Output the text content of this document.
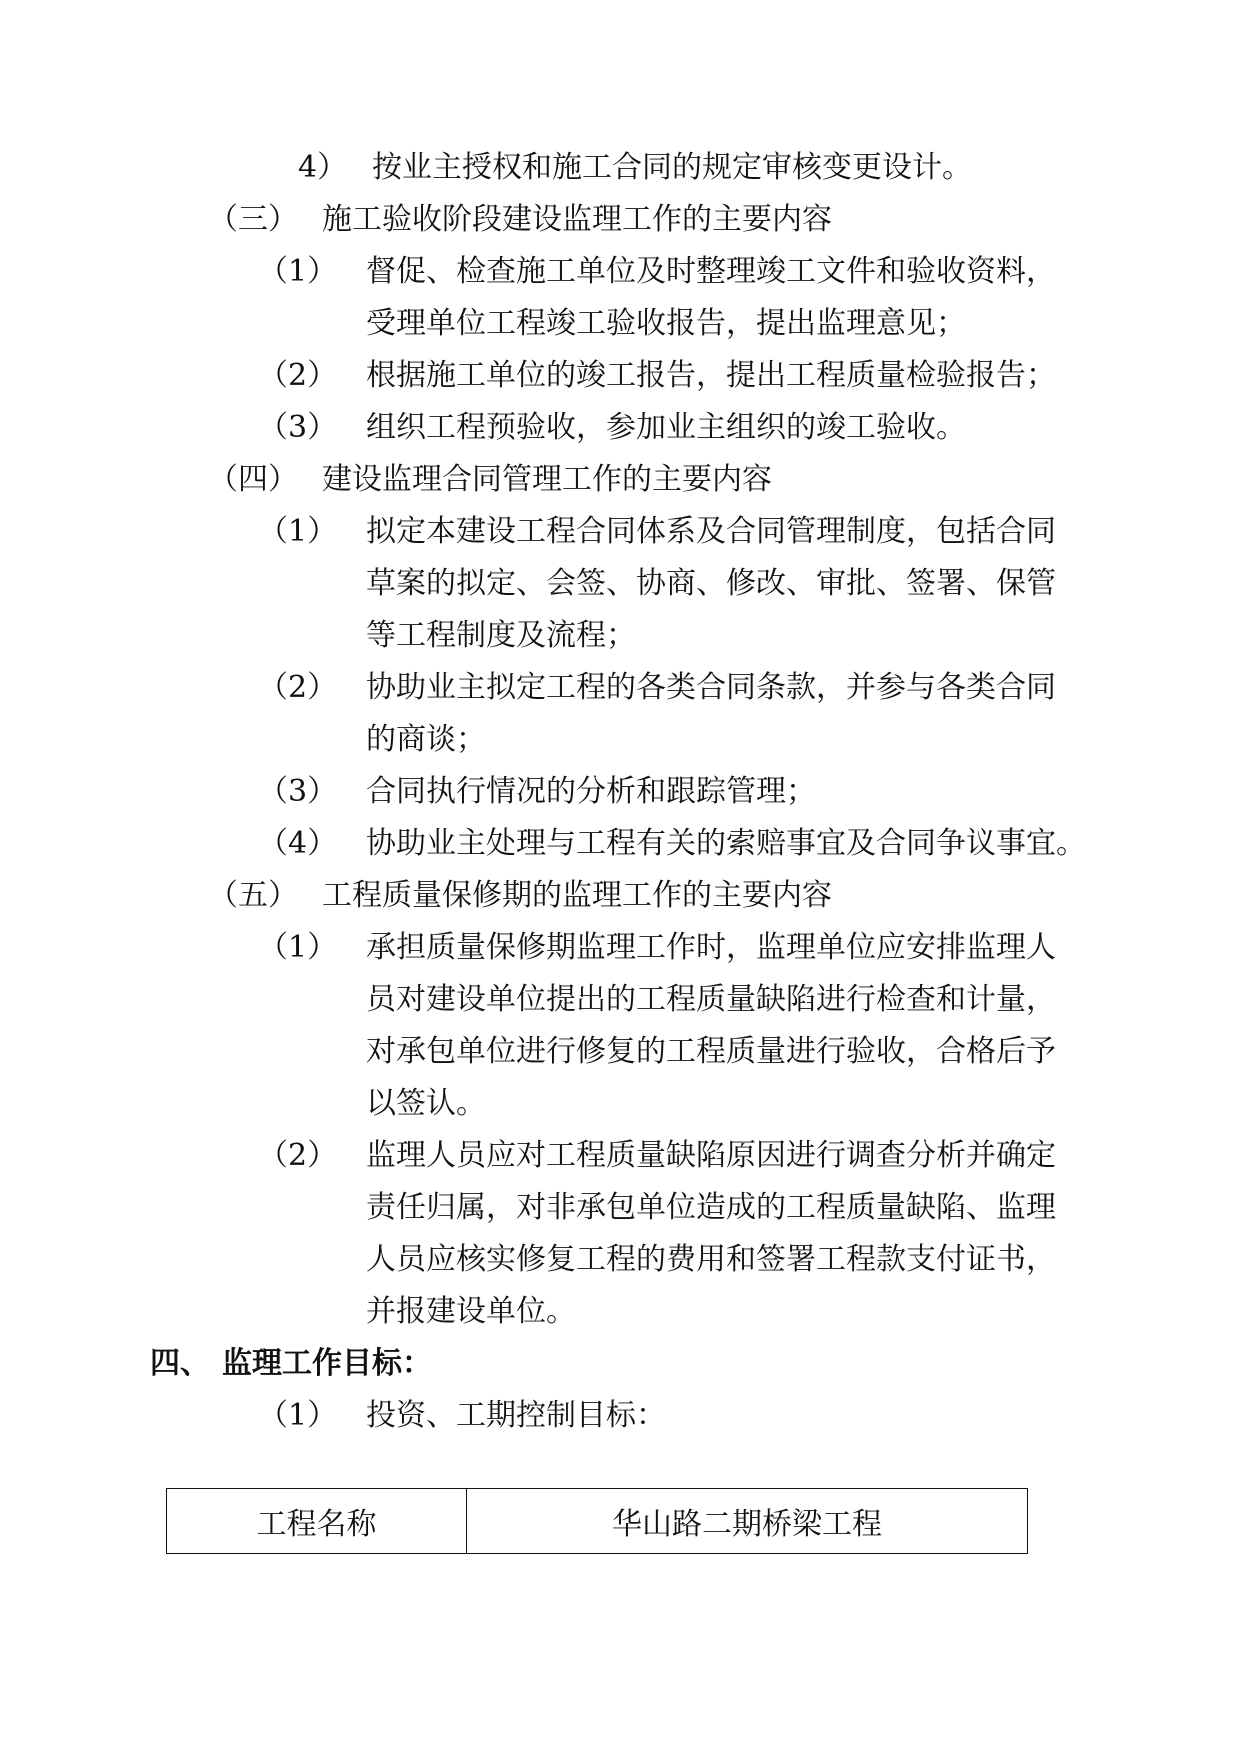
4） 按业主授权和施工合同的规定审核变更设计。
（三） 施工验收阶段建设监理工作的主要内容
（1） 督促、检查施工单位及时整理竣工文件和验收资料，
受理单位工程竣工验收报告，提出监理意见；
（2） 根据施工单位的竣工报告，提出工程质量检验报告；
（3） 组织工程预验收，参加业主组织的竣工验收。
（四） 建设监理合同管理工作的主要内容
（1） 拟定本建设工程合同体系及合同管理制度，包括合同
草案的拟定、会签、协商、修改、审批、签署、保管
等工程制度及流程；
（2） 协助业主拟定工程的各类合同条款，并参与各类合同
的商谈；
（3） 合同执行情况的分析和跟踪管理；
（4） 协助业主处理与工程有关的索赔事宜及合同争议事宜。
（五） 工程质量保修期的监理工作的主要内容
（1） 承担质量保修期监理工作时，监理单位应安排监理人
员对建设单位提出的工程质量缺陷进行检查和计量，
对承包单位进行修复的工程质量进行验收，合格后予
以签认。
（2） 监理人员应对工程质量缺陷原因进行调查分析并确定
责任归属，对非承包单位造成的工程质量缺陷、监理
人员应核实修复工程的费用和签署工程款支付证书，
并报建设单位。
四、 监理工作目标：
（1） 投资、工期控制目标：
工程名称	华山路二期桥梁工程
